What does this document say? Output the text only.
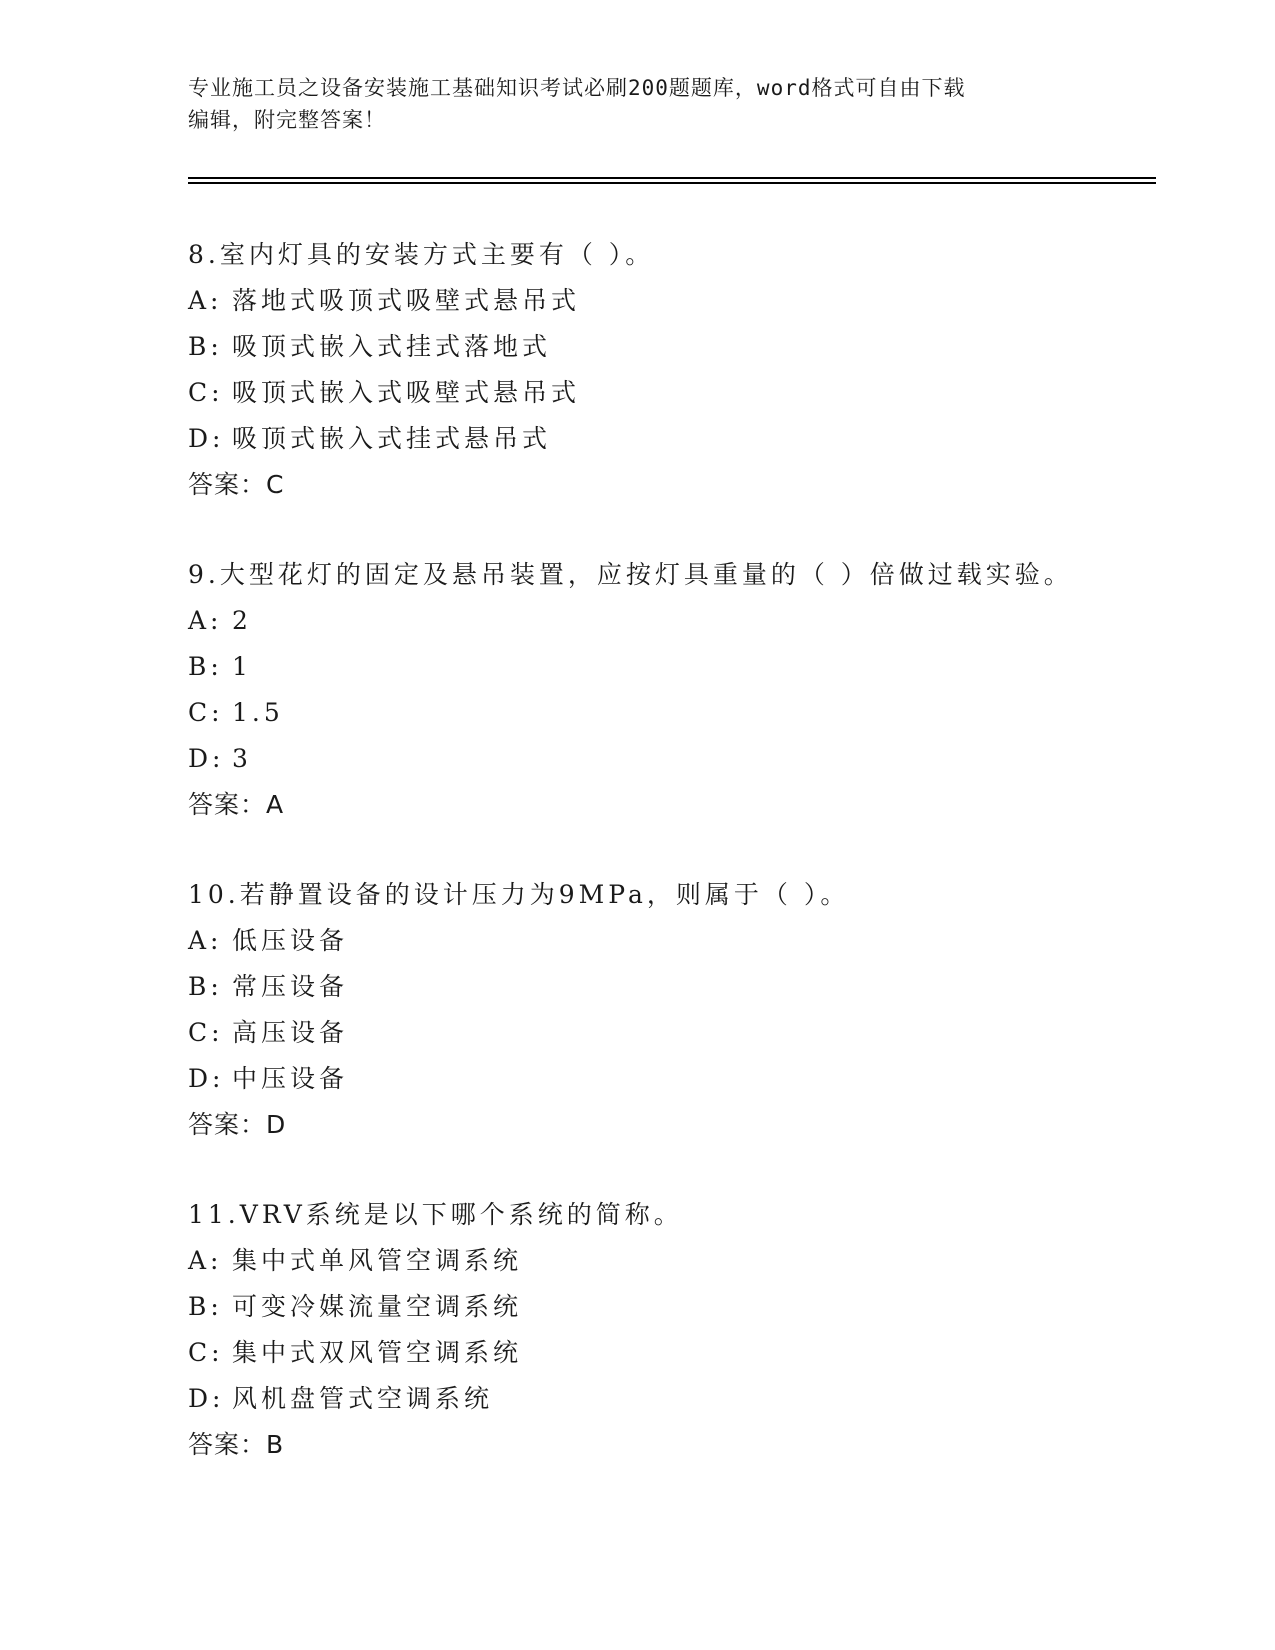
专业施工员之设备安装施工基础知识考试必刷200题题库，word格式可自由下载
编辑，附完整答案！
8.室内灯具的安装方式主要有（ ）。
A: 落地式吸顶式吸壁式悬吊式
B: 吸顶式嵌入式挂式落地式
C: 吸顶式嵌入式吸壁式悬吊式
D: 吸顶式嵌入式挂式悬吊式
答案：C
9.大型花灯的固定及悬吊装置，应按灯具重量的（ ）倍做过载实验。
A: 2
B: 1
C: 1.5
D: 3
答案：A
10.若静置设备的设计压力为9MPa，则属于（ ）。
A: 低压设备
B: 常压设备
C: 高压设备
D: 中压设备
答案：D
11.VRV系统是以下哪个系统的简称。
A: 集中式单风管空调系统
B: 可变冷媒流量空调系统
C: 集中式双风管空调系统
D: 风机盘管式空调系统
答案：B
